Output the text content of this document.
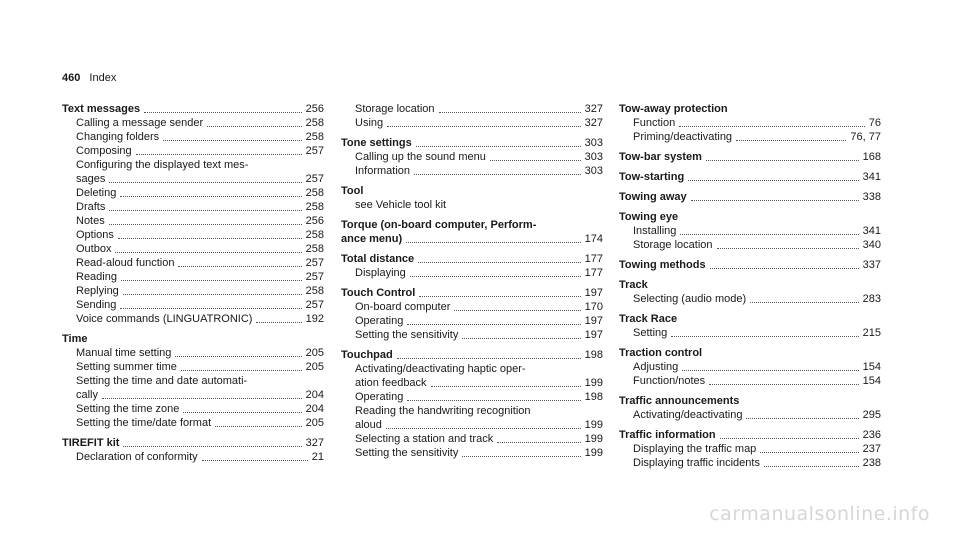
460 Index
Text messages	256
Calling a message sender	258
Changing folders	258
Composing	257
Configuring the displayed text mes-
sages	257
Deleting	258
Drafts	258
Notes	256
Options	258
Outbox	258
Read-aloud function	257
Reading	257
Replying	258
Sending	257
Voice commands (LINGUATRONIC)	192
Time
Manual time setting	205
Setting summer time	205
Setting the time and date automati-
cally	204
Setting the time zone	204
Setting the time/date format	205
TIREFIT kit	327
Declaration of conformity	21
Storage location	327
Using	327
Tone settings	303
Calling up the sound menu	303
Information	303
Tool
see Vehicle tool kit
Torque (on-board computer, Perform-
ance menu)	174
Total distance	177
Displaying	177
Touch Control	197
On-board computer	170
Operating	197
Setting the sensitivity	197
Touchpad	198
Activating/deactivating haptic oper-
ation feedback	199
Operating	198
Reading the handwriting recognition
aloud	199
Selecting a station and track	199
Setting the sensitivity	199
Tow-away protection
Function	76
Priming/deactivating	76, 77
Tow-bar system	168
Tow-starting	341
Towing away	338
Towing eye
Installing	341
Storage location	340
Towing methods	337
Track
Selecting (audio mode)	283
Track Race
Setting	215
Traction control
Adjusting	154
Function/notes	154
Traffic announcements
Activating/deactivating	295
Traffic information	236
Displaying the traffic map	237
Displaying traffic incidents	238
carmanualsonline.info
